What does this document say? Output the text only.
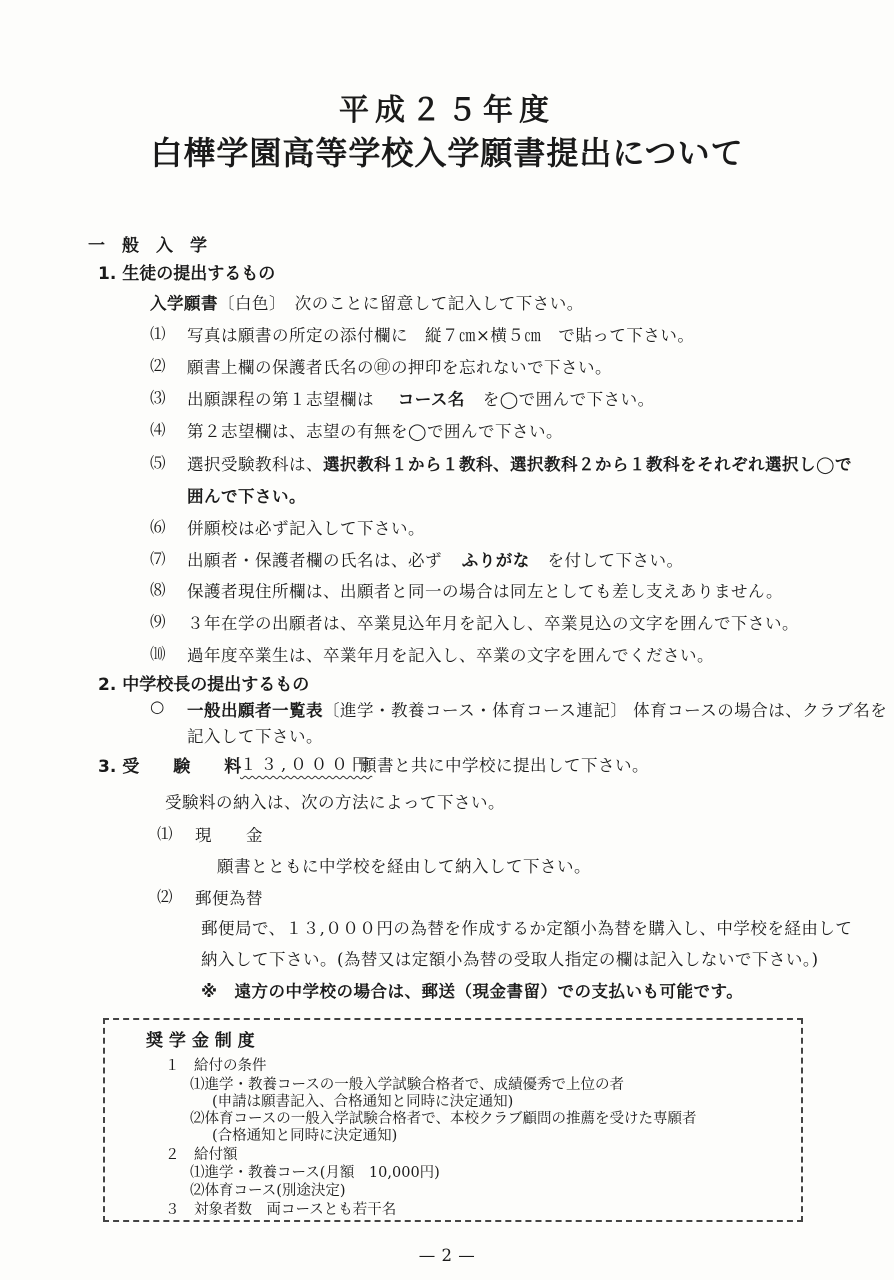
平成２５年度
白樺学園高等学校入学願書提出について
一　般　入　学
1. 生徒の提出するもの
入学願書〔白色〕　次のことに留意して記入して下さい。
⑴ 写真は願書の所定の添付欄に　縦７㎝×横５㎝　で貼って下さい。
⑵ 願書上欄の保護者氏名の㊞の押印を忘れないで下さい。
⑶ 出願課程の第１志望欄は コース名 を◯で囲んで下さい。
⑷ 第２志望欄は、志望の有無を◯で囲んで下さい。
⑸ 選択受験教科は、選択教科１から１教科、選択教科２から１教科をそれぞれ選択し◯で
囲んで下さい。
⑹ 併願校は必ず記入して下さい。
⑺ 出願者・保護者欄の氏名は、必ず ふりがな を付して下さい。
⑻ 保護者現住所欄は、出願者と同一の場合は同左としても差し支えありません。
⑼ ３年在学の出願者は、卒業見込年月を記入し、卒業見込の文字を囲んで下さい。
⑽ 過年度卒業生は、卒業年月を記入し、卒業の文字を囲んでください。
2. 中学校長の提出するもの
○ 一般出願者一覧表〔進学・教養コース・体育コース連記〕 体育コースの場合は、クラブ名を
記入して下さい。
3. 受　　験　　料
１３,０００円
願書と共に中学校に提出して下さい。
受験料の納入は、次の方法によって下さい。
⑴ 現　　金
願書とともに中学校を経由して納入して下さい。
⑵ 郵便為替
郵便局で、１３,０００円の為替を作成するか定額小為替を購入し、中学校を経由して
納入して下さい。(為替又は定額小為替の受取人指定の欄は記入しないで下さい。)
※　遠方の中学校の場合は、郵送（現金書留）での支払いも可能です。
奨 学 金 制 度
１　給付の条件
⑴進学・教養コースの一般入学試験合格者で、成績優秀で上位の者
(申請は願書記入、合格通知と同時に決定通知)
⑵体育コースの一般入学試験合格者で、本校クラブ顧問の推薦を受けた専願者
(合格通知と同時に決定通知)
２　給付額
⑴進学・教養コース(月額　10,000円)
⑵体育コース(別途決定)
３　対象者数　両コースとも若干名
— 2 —
